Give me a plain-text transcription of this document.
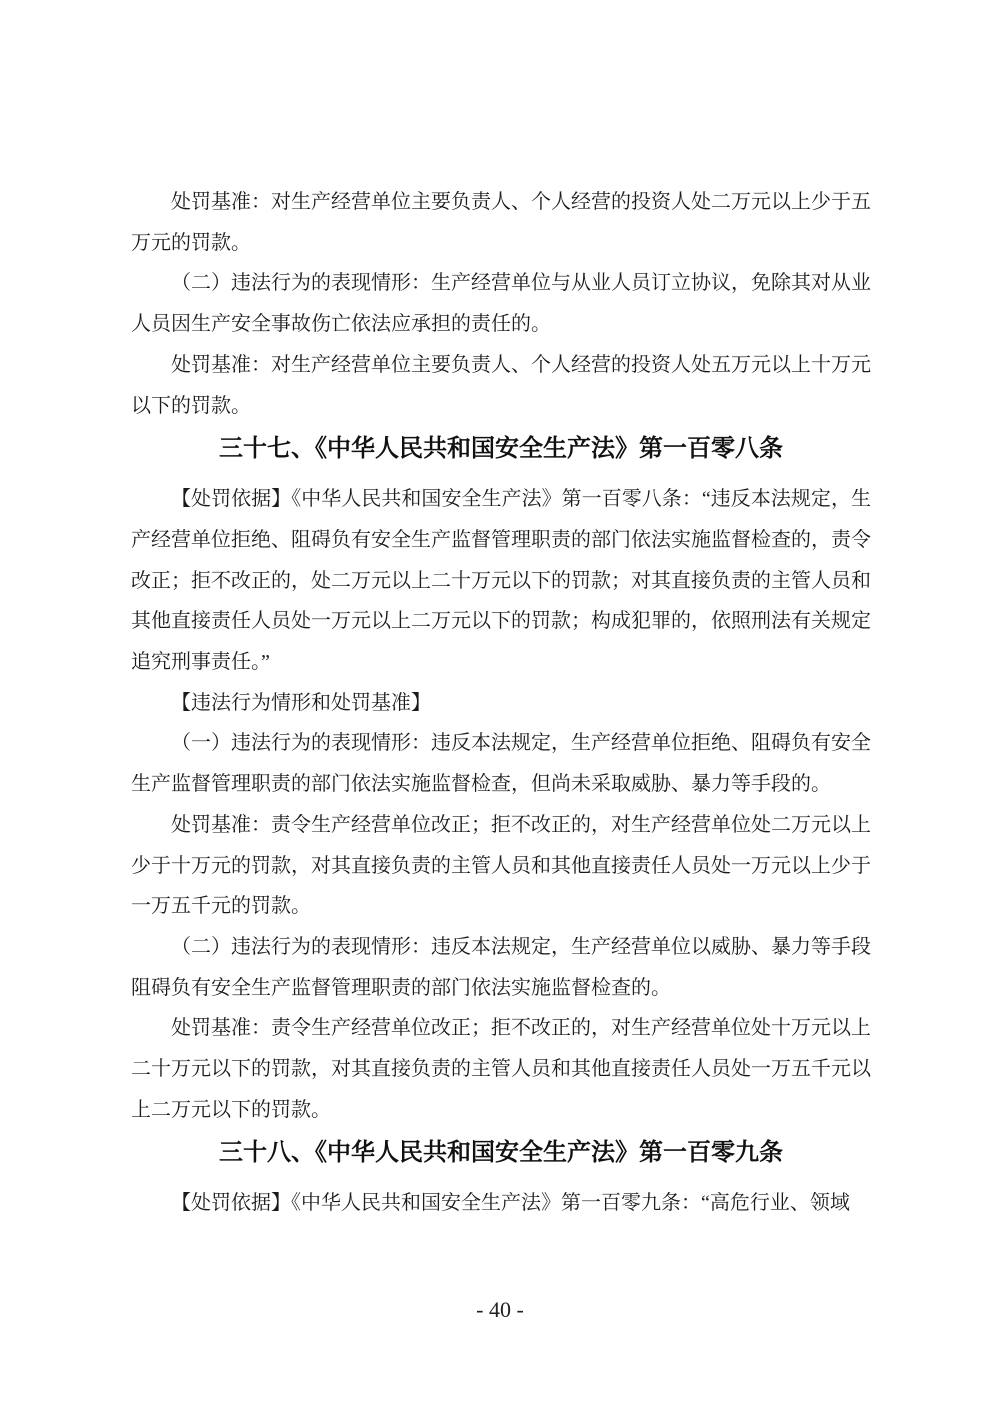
处罚基准：对生产经营单位主要负责人、个人经营的投资人处二万元以上少于五万元的罚款。

（二）违法行为的表现情形：生产经营单位与从业人员订立协议，免除其对从业人员因生产安全事故伤亡依法应承担的责任的。

处罚基准：对生产经营单位主要负责人、个人经营的投资人处五万元以上十万元以下的罚款。

三十七、《中华人民共和国安全生产法》第一百零八条

【处罚依据】《中华人民共和国安全生产法》第一百零八条：“违反本法规定，生产经营单位拒绝、阻碍负有安全生产监督管理职责的部门依法实施监督检查的，责令改正；拒不改正的，处二万元以上二十万元以下的罚款；对其直接负责的主管人员和其他直接责任人员处一万元以上二万元以下的罚款；构成犯罪的，依照刑法有关规定追究刑事责任。”

【违法行为情形和处罚基准】

（一）违法行为的表现情形：违反本法规定，生产经营单位拒绝、阻碍负有安全生产监督管理职责的部门依法实施监督检查，但尚未采取威胁、暴力等手段的。

处罚基准：责令生产经营单位改正；拒不改正的，对生产经营单位处二万元以上少于十万元的罚款，对其直接负责的主管人员和其他直接责任人员处一万元以上少于一万五千元的罚款。

（二）违法行为的表现情形：违反本法规定，生产经营单位以威胁、暴力等手段阻碍负有安全生产监督管理职责的部门依法实施监督检查的。

处罚基准：责令生产经营单位改正；拒不改正的，对生产经营单位处十万元以上二十万元以下的罚款，对其直接负责的主管人员和其他直接责任人员处一万五千元以上二万元以下的罚款。

三十八、《中华人民共和国安全生产法》第一百零九条

【处罚依据】《中华人民共和国安全生产法》第一百零九条：“高危行业、领域

- 40 -
